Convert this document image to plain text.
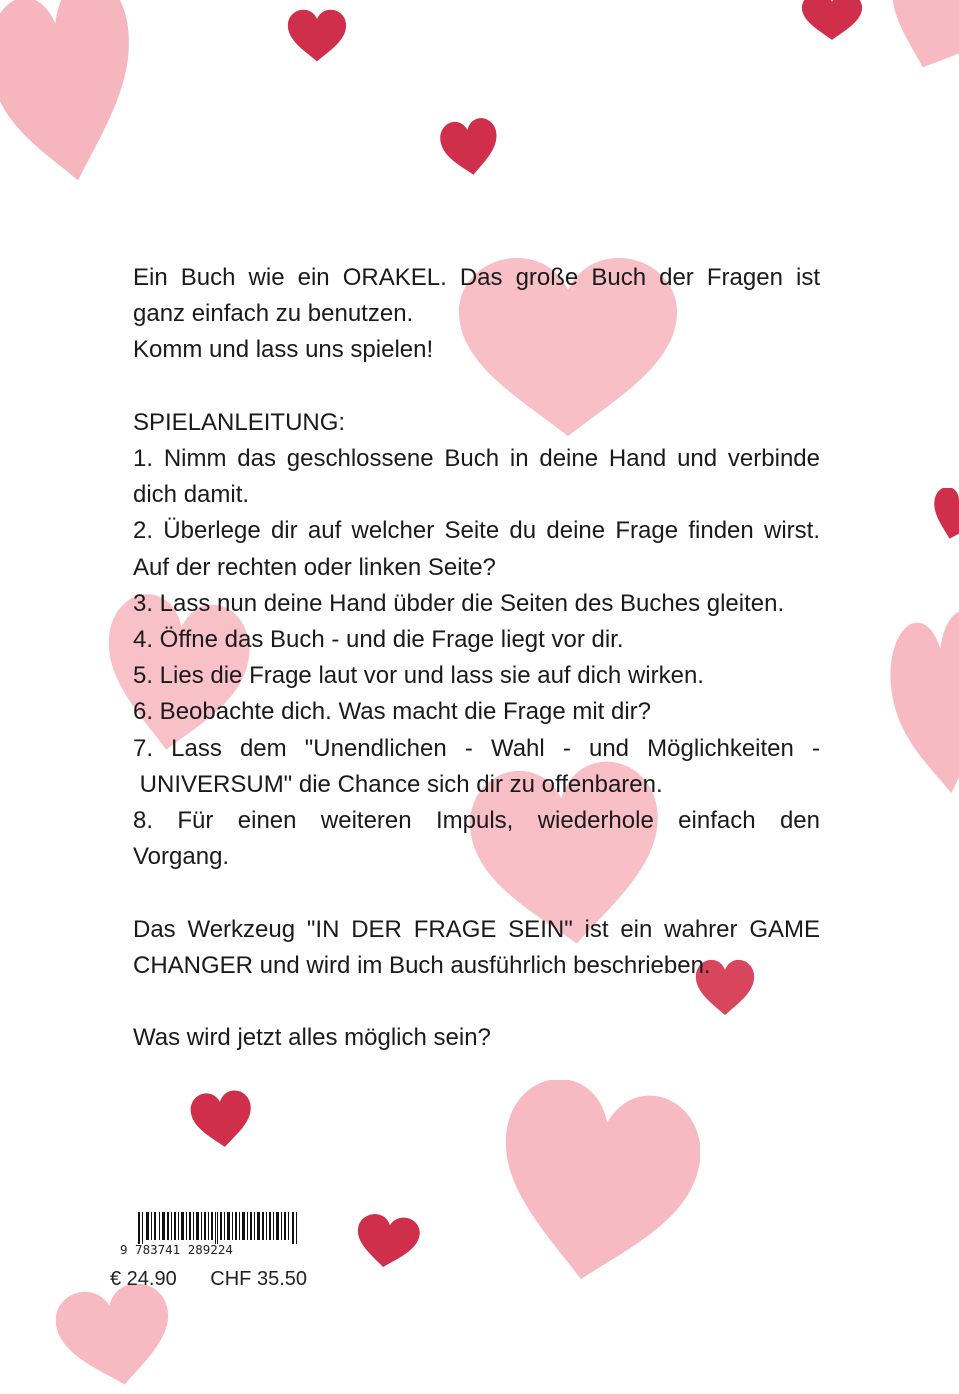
Ein Buch wie ein ORAKEL. Das große Buch der Fragen ist

ganz einfach zu benutzen.

Komm und lass uns spielen!

SPIELANLEITUNG:

1. Nimm das geschlossene Buch in deine Hand und verbinde

dich damit.

2. Überlege dir auf welcher Seite du deine Frage finden wirst.

Auf der rechten oder linken Seite?

3. Lass nun deine Hand übder die Seiten des Buches gleiten.

4. Öffne das Buch - und die Frage liegt vor dir.

5. Lies die Frage laut vor und lass sie auf dich wirken.

6. Beobachte dich. Was macht die Frage mit dir?

7. Lass dem "Unendlichen - Wahl - und Möglichkeiten -

UNIVERSUM" die Chance sich dir zu offenbaren.

8. Für einen weiteren Impuls, wiederhole einfach den

Vorgang.

Das Werkzeug "IN DER FRAGE SEIN" ist ein wahrer GAME

CHANGER und wird im Buch ausführlich beschrieben.

Was wird jetzt alles möglich sein?

9 783741 289224
€ 24.90 CHF 35.50
